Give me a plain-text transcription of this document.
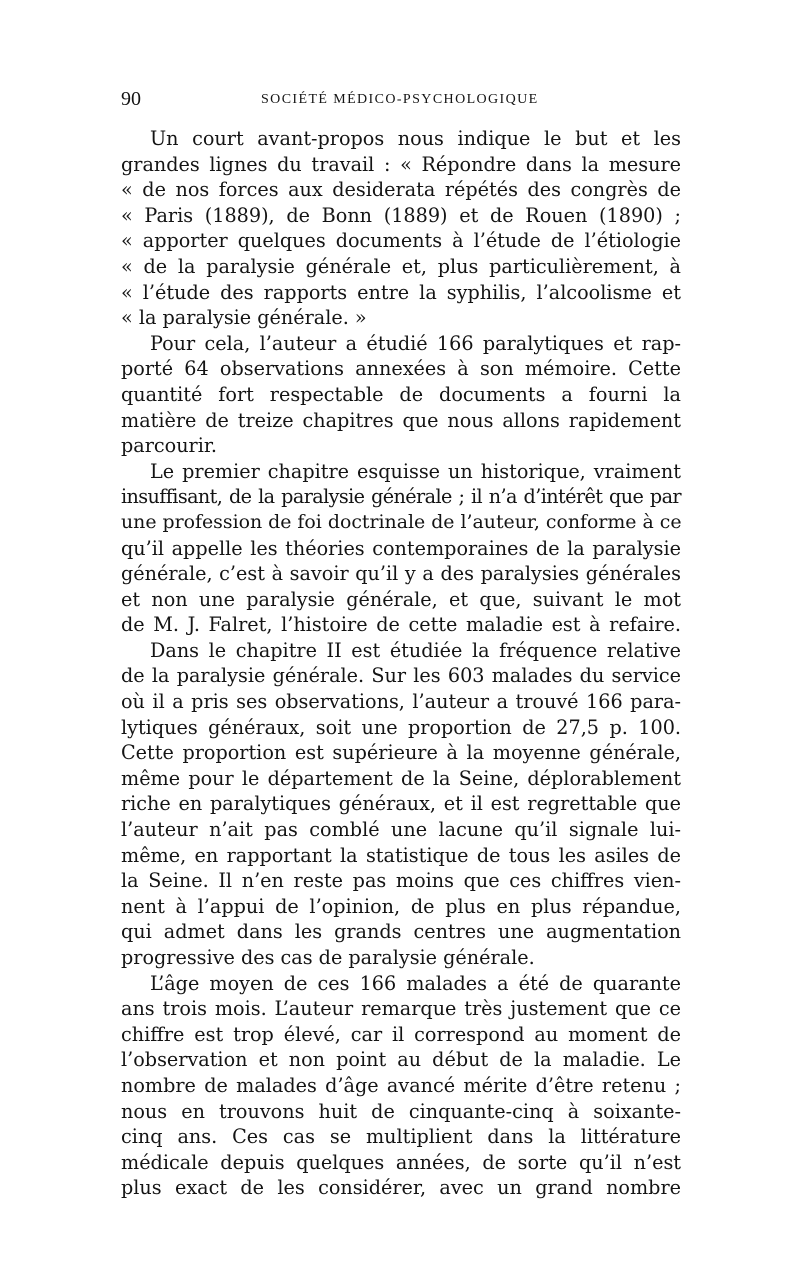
90	SOCIÉTÉ MÉDICO-PSYCHOLOGIQUE

Un court avant-propos nous indique le but et les
grandes lignes du travail : « Répondre dans la mesure
« de nos forces aux desiderata répétés des congrès de
« Paris (1889), de Bonn (1889) et de Rouen (1890) ;
« apporter quelques documents à l’étude de l’étiologie
« de la paralysie générale et, plus particulièrement, à
« l’étude des rapports entre la syphilis, l’alcoolisme et
« la paralysie générale. »

Pour cela, l’auteur a étudié 166 paralytiques et rap-
porté 64 observations annexées à son mémoire. Cette
quantité fort respectable de documents a fourni la
matière de treize chapitres que nous allons rapidement
parcourir.

Le premier chapitre esquisse un historique, vraiment
insuffisant, de la paralysie générale ; il n’a d’intérêt que par
une profession de foi doctrinale de l’auteur, conforme à ce
qu’il appelle les théories contemporaines de la paralysie
générale, c’est à savoir qu’il y a des paralysies générales
et non une paralysie générale, et que, suivant le mot
de M. J. Falret, l’histoire de cette maladie est à refaire.

Dans le chapitre II est étudiée la fréquence relative
de la paralysie générale. Sur les 603 malades du service
où il a pris ses observations, l’auteur a trouvé 166 para-
lytiques généraux, soit une proportion de 27,5 p. 100.
Cette proportion est supérieure à la moyenne générale,
même pour le département de la Seine, déplorablement
riche en paralytiques généraux, et il est regrettable que
l’auteur n’ait pas comblé une lacune qu’il signale lui-
même, en rapportant la statistique de tous les asiles de
la Seine. Il n’en reste pas moins que ces chiffres vien-
nent à l’appui de l’opinion, de plus en plus répandue,
qui admet dans les grands centres une augmentation
progressive des cas de paralysie générale.

L’âge moyen de ces 166 malades a été de quarante
ans trois mois. L’auteur remarque très justement que ce
chiffre est trop élevé, car il correspond au moment de
l’observation et non point au début de la maladie. Le
nombre de malades d’âge avancé mérite d’être retenu ;
nous en trouvons huit de cinquante-cinq à soixante-
cinq ans. Ces cas se multiplient dans la littérature
médicale depuis quelques années, de sorte qu’il n’est
plus exact de les considérer, avec un grand nombre
